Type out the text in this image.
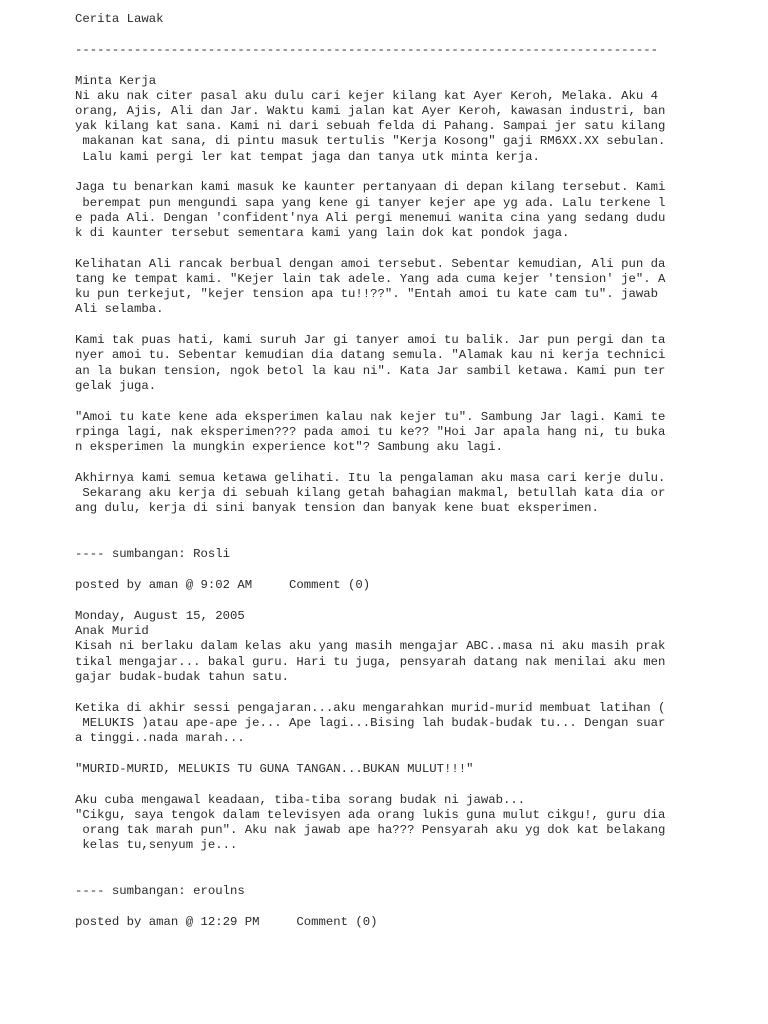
Cerita Lawak
-------------------------------------------------------------------------------
Minta Kerja
Ni aku nak citer pasal aku dulu cari kejer kilang kat Ayer Keroh, Melaka. Aku 4
orang, Ajis, Ali dan Jar. Waktu kami jalan kat Ayer Keroh, kawasan industri, ban
yak kilang kat sana. Kami ni dari sebuah felda di Pahang. Sampai jer satu kilang
makanan kat sana, di pintu masuk tertulis "Kerja Kosong" gaji RM6XX.XX sebulan.
Lalu kami pergi ler kat tempat jaga dan tanya utk minta kerja.
Jaga tu benarkan kami masuk ke kaunter pertanyaan di depan kilang tersebut. Kami
berempat pun mengundi sapa yang kene gi tanyer kejer ape yg ada. Lalu terkene l
e pada Ali. Dengan 'confident'nya Ali pergi menemui wanita cina yang sedang dudu
k di kaunter tersebut sementara kami yang lain dok kat pondok jaga.
Kelihatan Ali rancak berbual dengan amoi tersebut. Sebentar kemudian, Ali pun da
tang ke tempat kami. "Kejer lain tak adele. Yang ada cuma kejer 'tension' je". A
ku pun terkejut, "kejer tension apa tu!!??". "Entah amoi tu kate cam tu". jawab
Ali selamba.
Kami tak puas hati, kami suruh Jar gi tanyer amoi tu balik. Jar pun pergi dan ta
nyer amoi tu. Sebentar kemudian dia datang semula. "Alamak kau ni kerja technici
an la bukan tension, ngok betol la kau ni". Kata Jar sambil ketawa. Kami pun ter
gelak juga.
"Amoi tu kate kene ada eksperimen kalau nak kejer tu". Sambung Jar lagi. Kami te
rpinga lagi, nak eksperimen??? pada amoi tu ke?? "Hoi Jar apala hang ni, tu buka
n eksperimen la mungkin experience kot"? Sambung aku lagi.
Akhirnya kami semua ketawa gelihati. Itu la pengalaman aku masa cari kerje dulu.
Sekarang aku kerja di sebuah kilang getah bahagian makmal, betullah kata dia or
ang dulu, kerja di sini banyak tension dan banyak kene buat eksperimen.
---- sumbangan: Rosli
posted by aman @ 9:02 AM	Comment (0)
Monday, August 15, 2005
Anak Murid
Kisah ni berlaku dalam kelas aku yang masih mengajar ABC..masa ni aku masih prak
tikal mengajar... bakal guru. Hari tu juga, pensyarah datang nak menilai aku men
gajar budak-budak tahun satu.
Ketika di akhir sessi pengajaran...aku mengarahkan murid-murid membuat latihan (
MELUKIS )atau ape-ape je... Ape lagi...Bising lah budak-budak tu... Dengan suar
a tinggi..nada marah...
"MURID-MURID, MELUKIS TU GUNA TANGAN...BUKAN MULUT!!!"
Aku cuba mengawal keadaan, tiba-tiba sorang budak ni jawab...
"Cikgu, saya tengok dalam televisyen ada orang lukis guna mulut cikgu!, guru dia
orang tak marah pun". Aku nak jawab ape ha??? Pensyarah aku yg dok kat belakang
kelas tu,senyum je...
---- sumbangan: eroulns
posted by aman @ 12:29 PM	Comment (0)
